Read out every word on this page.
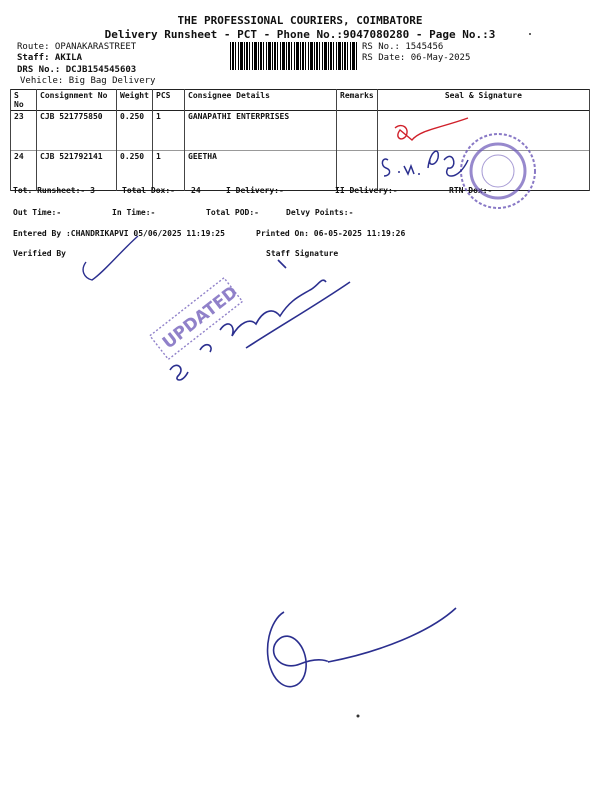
THE PROFESSIONAL COURIERS, COIMBATORE
Delivery Runsheet - PCT - Phone No.:9047080280 - Page No.:3
Route: OPANAKARASTREET
Staff: AKILA
DRS No.: DCJB154545603
Vehicle: Big Bag Delivery
RS No.: 1545456
RS Date: 06-May-2025
S No	Consignment No	Weight	PCS	Consignee Details	Remarks	Seal & Signature
23	CJB 521775850	0.250	1	GANAPATHI ENTERPRISES		
24	CJB 521792141	0.250	1	GEETHA		
Tot. Runsheet:- 3	Total Dox:- 24	I Delivery:-	II Delivery:-	RTN Dox:-
Out Time:-	In Time:-	Total POD:-	Delvy Points:-
Entered By :CHANDRIKAPVI 05/06/2025 11:19:25	Printed On: 06-05-2025 11:19:26
Verified By	Staff Signature
UPDATED
